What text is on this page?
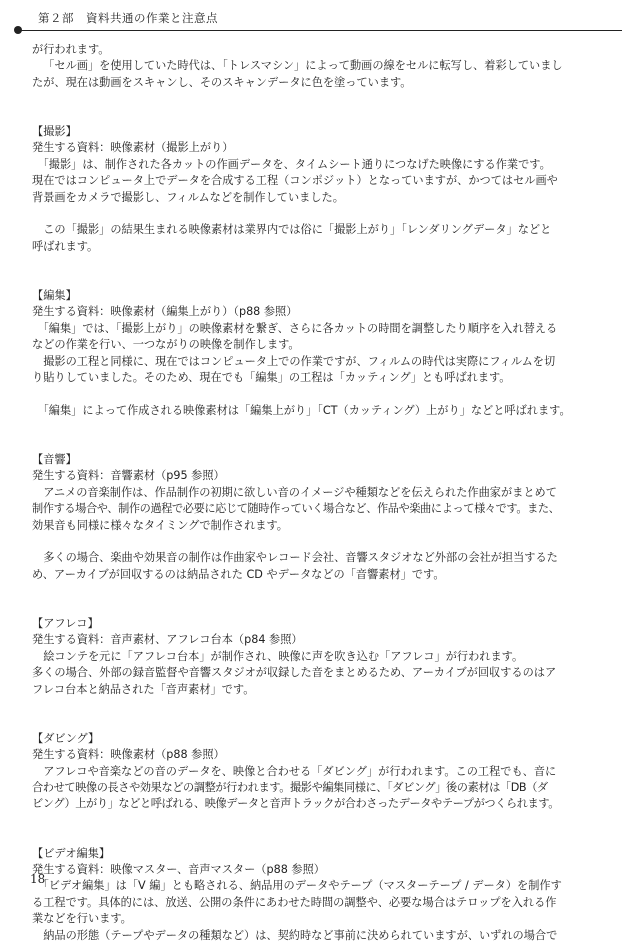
第２部　資料共通の作業と注意点

が行われます。

「セル画」を使用していた時代は、「トレスマシン」によって動画の線をセルに転写し、着彩していまし

たが、現在は動画をスキャンし、そのスキャンデータに色を塗っています。

【撮影】

発生する資料：映像素材（撮影上がり）

「撮影」は、制作された各カットの作画データを、タイムシート通りにつなげた映像にする作業です。

現在ではコンピュータ上でデータを合成する工程（コンポジット）となっていますが、かつてはセル画や

背景画をカメラで撮影し、フィルムなどを制作していました。

この「撮影」の結果生まれる映像素材は業界内では俗に「撮影上がり」「レンダリングデータ」などと

呼ばれます。

【編集】

発生する資料：映像素材（編集上がり）（p88 参照）

「編集」では、「撮影上がり」の映像素材を繋ぎ、さらに各カットの時間を調整したり順序を入れ替える

などの作業を行い、一つながりの映像を制作します。

撮影の工程と同様に、現在ではコンピュータ上での作業ですが、フィルムの時代は実際にフィルムを切

り貼りしていました。そのため、現在でも「編集」の工程は「カッティング」とも呼ばれます。

「編集」によって作成される映像素材は「編集上がり」「CT（カッティング）上がり」などと呼ばれます。

【音響】

発生する資料：音響素材（p95 参照）

アニメの音楽制作は、作品制作の初期に欲しい音のイメージや種類などを伝えられた作曲家がまとめて

制作する場合や、制作の過程で必要に応じて随時作っていく場合など、作品や楽曲によって様々です。また、

効果音も同様に様々なタイミングで制作されます。

多くの場合、楽曲や効果音の制作は作曲家やレコード会社、音響スタジオなど外部の会社が担当するた

め、アーカイブが回収するのは納品された CD やデータなどの「音響素材」です。

【アフレコ】

発生する資料：音声素材、アフレコ台本（p84 参照）

絵コンテを元に「アフレコ台本」が制作され、映像に声を吹き込む「アフレコ」が行われます。

多くの場合、外部の録音監督や音響スタジオが収録した音をまとめるため、アーカイブが回収するのはア

フレコ台本と納品された「音声素材」です。

【ダビング】

発生する資料：映像素材（p88 参照）

アフレコや音楽などの音のデータを、映像と合わせる「ダビング」が行われます。この工程でも、音に

合わせて映像の長さや効果などの調整が行われます。撮影や編集同様に、「ダビング」後の素材は「DB（ダ

ビング）上がり」などと呼ばれる、映像データと音声トラックが合わさったデータやテープがつくられます。

【ビデオ編集】

発生する資料：映像マスター、音声マスター（p88 参照）

「ビデオ編集」は「V 編」とも略される、納品用のデータやテープ（マスターテープ / データ）を制作す

る工程です。具体的には、放送、公開の条件にあわせた時間の調整や、必要な場合はテロップを入れる作

業などを行います。

納品の形態（テープやデータの種類など）は、契約時など事前に決められていますが、いずれの場合で

18
